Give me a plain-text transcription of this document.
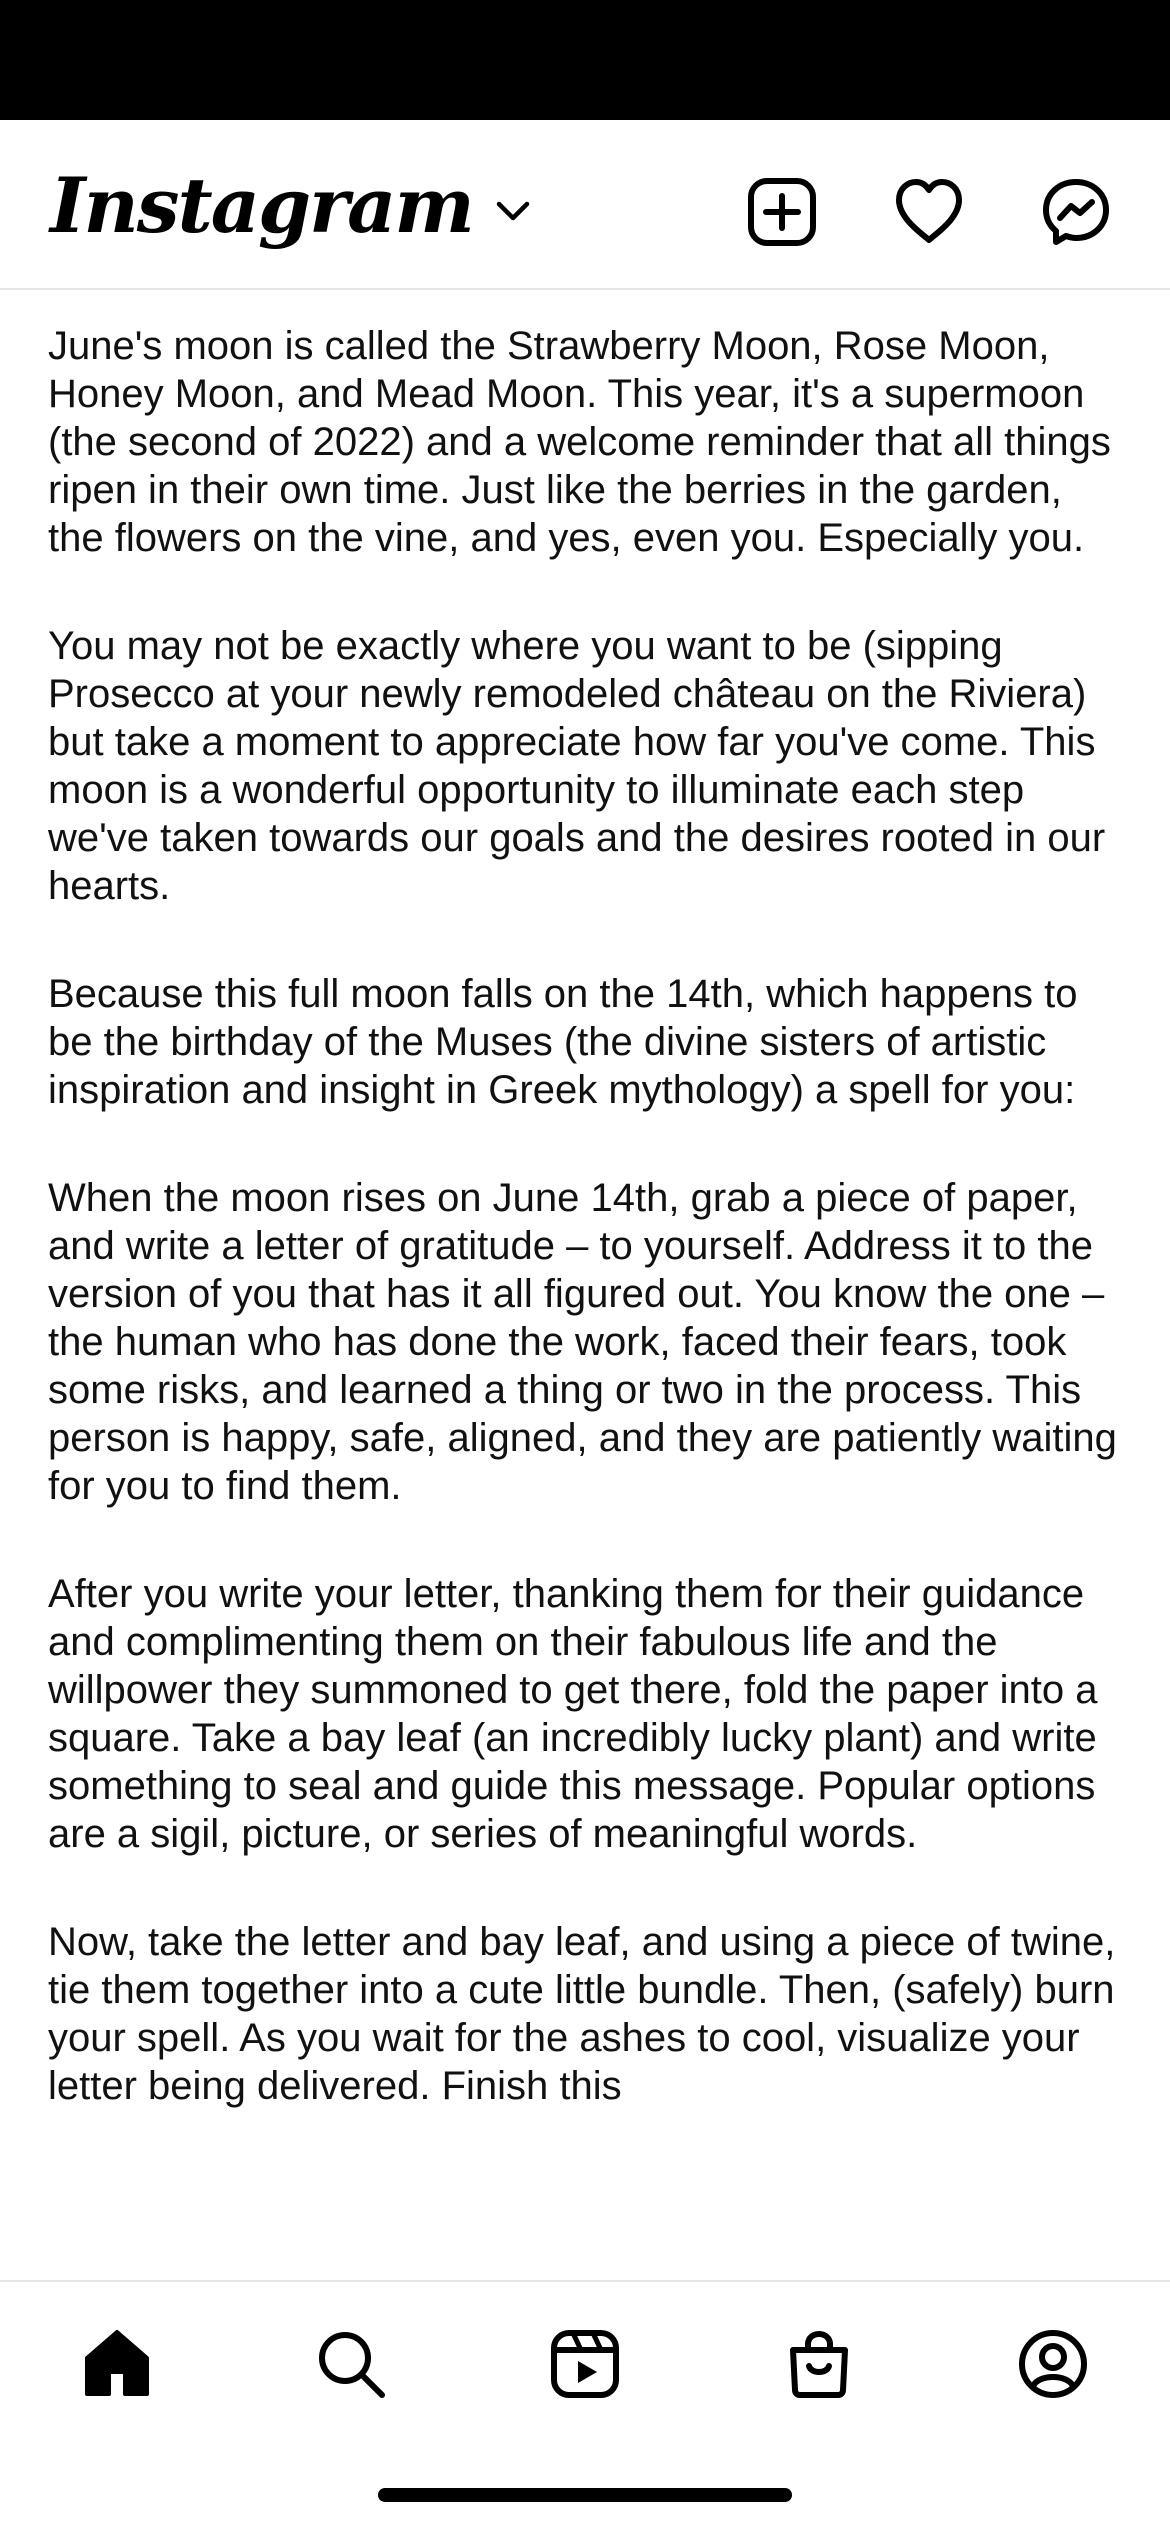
Instagram

June's moon is called the Strawberry Moon, Rose Moon, Honey Moon, and Mead Moon. This year, it's a supermoon (the second of 2022) and a welcome reminder that all things ripen in their own time. Just like the berries in the garden, the flowers on the vine, and yes, even you. Especially you.

You may not be exactly where you want to be (sipping Prosecco at your newly remodeled château on the Riviera) but take a moment to appreciate how far you've come. This moon is a wonderful opportunity to illuminate each step we've taken towards our goals and the desires rooted in our hearts.

Because this full moon falls on the 14th, which happens to be the birthday of the Muses (the divine sisters of artistic inspiration and insight in Greek mythology) a spell for you:

When the moon rises on June 14th, grab a piece of paper, and write a letter of gratitude – to yourself. Address it to the version of you that has it all figured out. You know the one – the human who has done the work, faced their fears, took some risks, and learned a thing or two in the process. This person is happy, safe, aligned, and they are patiently waiting for you to find them.

After you write your letter, thanking them for their guidance and complimenting them on their fabulous life and the willpower they summoned to get there, fold the paper into a square. Take a bay leaf (an incredibly lucky plant) and write something to seal and guide this message. Popular options are a sigil, picture, or series of meaningful words.

Now, take the letter and bay leaf, and using a piece of twine, tie them together into a cute little bundle. Then, (safely) burn your spell. As you wait for the ashes to cool, visualize your letter being delivered. Finish this
